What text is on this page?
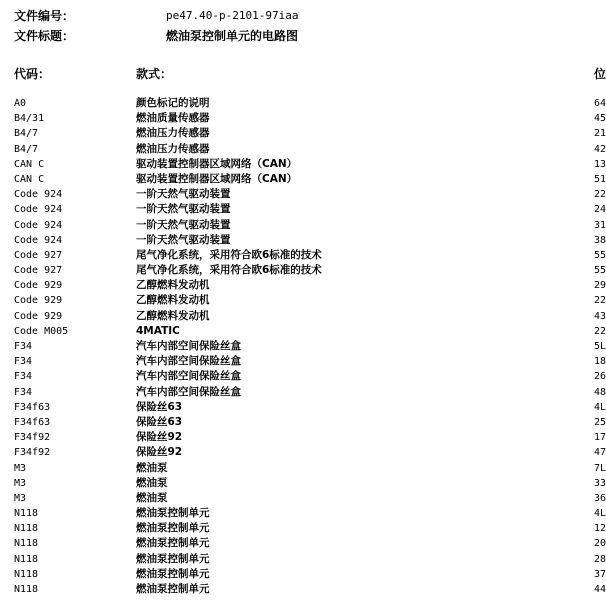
文件编号：	pe47.40-p-2101-97iaa
文件标题：	燃油泵控制单元的电路图
代码：	款式：	位
A0	颜色标记的说明	64
B4/31	燃油质量传感器	45
B4/7	燃油压力传感器	21
B4/7	燃油压力传感器	42
CAN C	驱动装置控制器区域网络（CAN）	13
CAN C	驱动装置控制器区域网络（CAN）	51
Code 924	一阶天然气驱动装置	22
Code 924	一阶天然气驱动装置	24
Code 924	一阶天然气驱动装置	31
Code 924	一阶天然气驱动装置	38
Code 927	尾气净化系统，采用符合欧6标准的技术	55
Code 927	尾气净化系统，采用符合欧6标准的技术	55
Code 929	乙醇燃料发动机	29
Code 929	乙醇燃料发动机	22
Code 929	乙醇燃料发动机	43
Code M005	4MATIC	22
F34	汽车内部空间保险丝盒	5L
F34	汽车内部空间保险丝盒	18
F34	汽车内部空间保险丝盒	26
F34	汽车内部空间保险丝盒	48
F34f63	保险丝63	4L
F34f63	保险丝63	25
F34f92	保险丝92	17
F34f92	保险丝92	47
M3	燃油泵	7L
M3	燃油泵	33
M3	燃油泵	36
N118	燃油泵控制单元	4L
N118	燃油泵控制单元	12
N118	燃油泵控制单元	20
N118	燃油泵控制单元	28
N118	燃油泵控制单元	37
N118	燃油泵控制单元	44
